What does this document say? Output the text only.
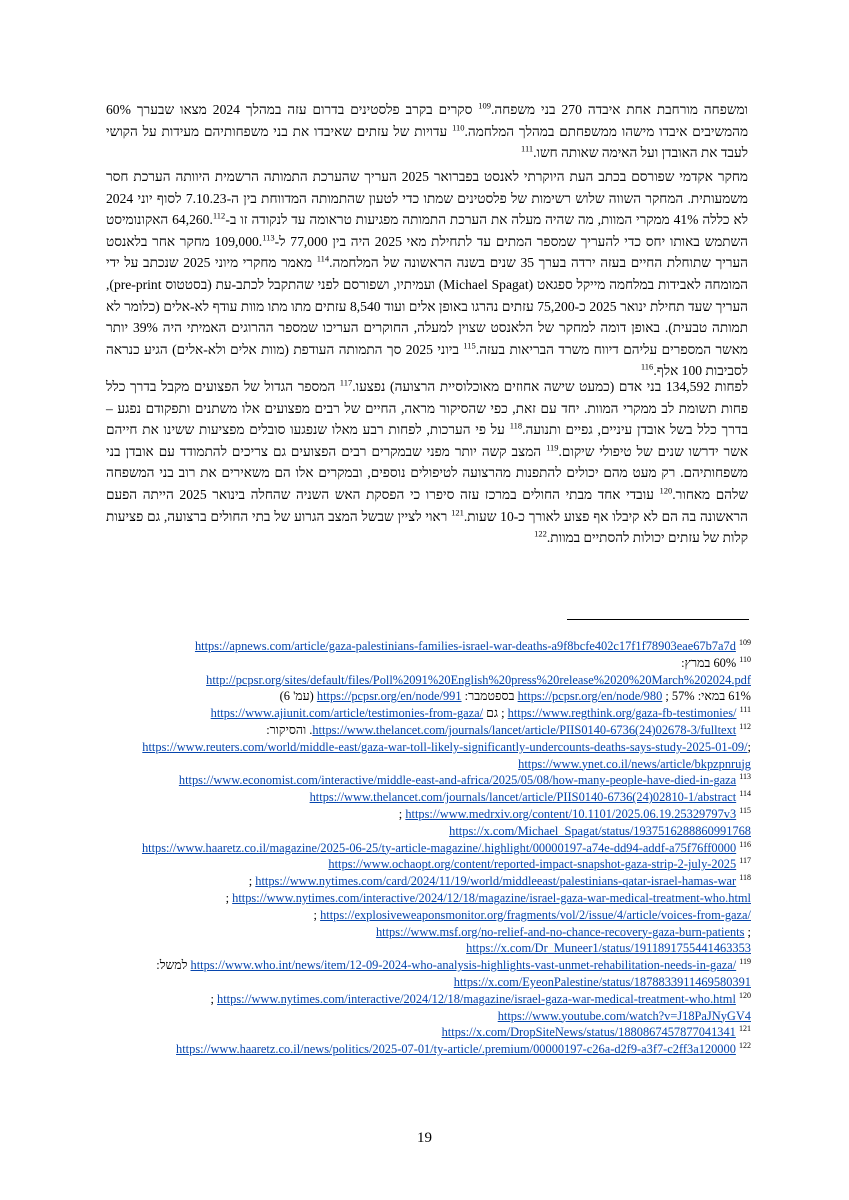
ומשפחה מורחבת אחת איבדה 270 בני משפחה.$^{109}$ סקרים בקרב פלסטינים בדרום עזה במהלך 2024 מצאו שבערך 60% מהמשיבים איבדו מישהו ממשפחתם במהלך המלחמה.$^{110}$ עדויות של עזתים שאיבדו את בני משפחותיהם מעידות על הקושי לעבד את האובדן ועל האימה שאותה חשו.$^{111}$
מחקר אקדמי שפורסם בכתב העת היוקרתי לאנסט בפברואר 2025 העריך שהערכת התמותה הרשמית היוותה הערכת חסר משמעותית. המחקר השווה שלוש רשימות של פלסטינים שמתו כדי לטעון שהתמותה המדווחת בין ה-7.10.23 לסוף יוני 2024 לא כללה 41% ממקרי המוות, מה שהיה מעלה את הערכת התמותה מפגיעות טראומה עד לנקודה זו ב-64,260.$^{112}$ האקונומיסט השתמש באותו יחס כדי להעריך שמספר המתים עד לתחילת מאי 2025 היה בין 77,000 ל-109,000.$^{113}$ מחקר אחר בלאנסט העריך שתוחלת החיים בעזה ירדה בערך 35 שנים בשנה הראשונה של המלחמה.$^{114}$ מאמר מחקרי מיוני 2025 שנכתב על ידי המומחה לאבידות במלחמה מייקל ספגאט (Michael Spagat) ועמיתיו, ושפורסם לפני שהתקבל לכתב-עת (בסטטוס pre-print), העריך שעד תחילת ינואר 2025 כ-75,200 עזתים נהרגו באופן אלים ועוד 8,540 עזתים מתו מתו מוות עודף לא-אלים (כלומר לא תמותה טבעית). באופן דומה למחקר של הלאנסט שצוין למעלה, החוקרים העריכו שמספר ההרוגים האמיתי היה 39% יותר מאשר המספרים עליהם דיווח משרד הבריאות בעזה.$^{115}$ ביוני 2025 סך התמותה העודפת (מוות אלים ולא-אלים) הגיע כנראה לסביבות 100 אלף.$^{116}$
לפחות 134,592 בני אדם (כמעט שישה אחוזים מאוכלוסיית הרצועה) נפצעו.$^{117}$ המספר הגדול של הפצועים מקבל בדרך כלל פחות תשומת לב ממקרי המוות. יחד עם זאת, כפי שהסיקור מראה, החיים של רבים מפצועים אלו משתנים ותפקודם נפגע – בדרך כלל בשל אובדן עיניים, גפיים ותנועה.$^{118}$ על פי הערכות, לפחות רבע מאלו שנפגעו סובלים מפציעות ששינו את חייהם אשר ידרשו שנים של טיפולי שיקום.$^{119}$ המצב קשה יותר מפני שבמקרים רבים הפצועים גם צריכים להתמודד עם אובדן בני משפחותיהם. רק מעט מהם יכולים להתפנות מהרצועה לטיפולים נוספים, ובמקרים אלו הם משאירים את רוב בני המשפחה שלהם מאחור.$^{120}$ עובדי אחד מבתי החולים במרכז עזה סיפרו כי הפסקת האש השניה שהחלה בינואר 2025 הייתה הפעם הראשונה בה הם לא קיבלו אף פצוע לאורך כ-10 שעות.$^{121}$ ראוי לציין שבשל המצב הגרוע של בתי החולים ברצועה, גם פציעות קלות של עזתים יכולות להסתיים במוות.$^{122}$
$^{109}$ https://apnews.com/article/gaza-palestinians-families-israel-war-deaths-a9f8bcfe402c17f1f78903eae67b7a7d
$^{110}$ 60% במרץ:
http://pcpsr.org/sites/default/files/Poll%2091%20English%20press%20release%2020%20March%202024.pdf
61% במאי: https://pcpsr.org/en/node/980 ; 57% בספטמבר: https://pcpsr.org/en/node/991 (עמ' 6)
$^{111}$ https://www.regthink.org/gaza-fb-testimonies/ ; גם https://www.ajiunit.com/article/testimonies-from-gaza/
$^{112}$ https://www.thelancet.com/journals/lancet/article/PIIS0140-6736(24)02678-3/fulltext. והסיקור:
https://www.reuters.com/world/middle-east/gaza-war-toll-likely-significantly-undercounts-deaths-says-study-2025-01-09/; https://www.ynet.co.il/news/article/bkpzpnrujg
$^{113}$ https://www.economist.com/interactive/middle-east-and-africa/2025/05/08/how-many-people-have-died-in-gaza
$^{114}$ https://www.thelancet.com/journals/lancet/article/PIIS0140-6736(24)02810-1/abstract
$^{115}$ https://www.medrxiv.org/content/10.1101/2025.06.19.25329797v3 ;
https://x.com/Michael_Spagat/status/1937516288860991768
$^{116}$ https://www.haaretz.co.il/magazine/2025-06-25/ty-article-magazine/.highlight/00000197-a74e-dd94-addf-a75f76ff0000
$^{117}$ https://www.ochaopt.org/content/reported-impact-snapshot-gaza-strip-2-july-2025
$^{118}$ https://www.nytimes.com/card/2024/11/19/world/middleeast/palestinians-qatar-israel-hamas-war ;
https://www.nytimes.com/interactive/2024/12/18/magazine/israel-gaza-war-medical-treatment-who.html ;
https://explosiveweaponsmonitor.org/fragments/vol/2/issue/4/article/voices-from-gaza/ ;
https://www.msf.org/no-relief-and-no-chance-recovery-gaza-burn-patients ; https://x.com/Dr_Muneer1/status/1911891755441463353
$^{119}$ https://www.who.int/news/item/12-09-2024-who-analysis-highlights-vast-unmet-rehabilitation-needs-in-gaza/ למשל: https://x.com/EyeonPalestine/status/1878833911469580391
$^{120}$ https://www.nytimes.com/interactive/2024/12/18/magazine/israel-gaza-war-medical-treatment-who.html ;
https://www.youtube.com/watch?v=J18PaJNyGV4
$^{121}$ https://x.com/DropSiteNews/status/1880867457877041341
$^{122}$ https://www.haaretz.co.il/news/politics/2025-07-01/ty-article/.premium/00000197-c26a-d2f9-a3f7-c2ff3a120000
19
